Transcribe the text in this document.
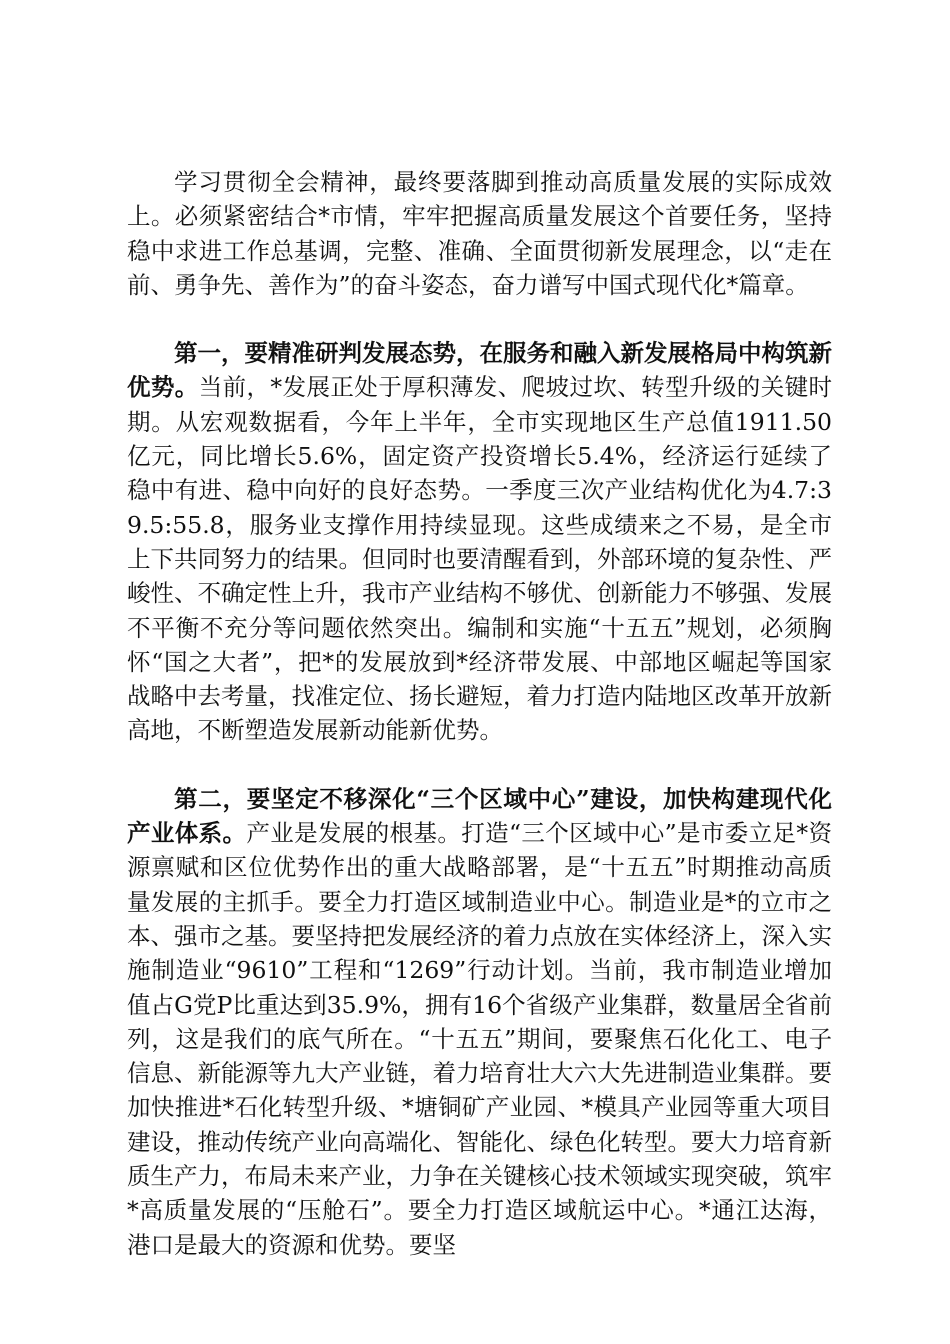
学习贯彻全会精神，最终要落脚到推动高质量发展的实际成效上。必须紧密结合*市情，牢牢把握高质量发展这个首要任务，坚持稳中求进工作总基调，完整、准确、全面贯彻新发展理念，以“走在前、勇争先、善作为”的奋斗姿态，奋力谱写中国式现代化*篇章。

第一，要精准研判发展态势，在服务和融入新发展格局中构筑新优势。当前，*发展正处于厚积薄发、爬坡过坎、转型升级的关键时期。从宏观数据看，今年上半年，全市实现地区生产总值1911.50亿元，同比增长5.6%，固定资产投资增长5.4%，经济运行延续了稳中有进、稳中向好的良好态势。一季度三次产业结构优化为4.7:39.5:55.8，服务业支撑作用持续显现。这些成绩来之不易，是全市上下共同努力的结果。但同时也要清醒看到，外部环境的复杂性、严峻性、不确定性上升，我市产业结构不够优、创新能力不够强、发展不平衡不充分等问题依然突出。编制和实施“十五五”规划，必须胸怀“国之大者”，把*的发展放到*经济带发展、中部地区崛起等国家战略中去考量，找准定位、扬长避短，着力打造内陆地区改革开放新高地，不断塑造发展新动能新优势。

第二，要坚定不移深化“三个区域中心”建设，加快构建现代化产业体系。产业是发展的根基。打造“三个区域中心”是市委立足*资源禀赋和区位优势作出的重大战略部署，是“十五五”时期推动高质量发展的主抓手。要全力打造区域制造业中心。制造业是*的立市之本、强市之基。要坚持把发展经济的着力点放在实体经济上，深入实施制造业“9610”工程和“1269”行动计划。当前，我市制造业增加值占G党P比重达到35.9%，拥有16个省级产业集群，数量居全省前列，这是我们的底气所在。“十五五”期间，要聚焦石化化工、电子信息、新能源等九大产业链，着力培育壮大六大先进制造业集群。要加快推进*石化转型升级、*塘铜矿产业园、*模具产业园等重大项目建设，推动传统产业向高端化、智能化、绿色化转型。要大力培育新质生产力，布局未来产业，力争在关键核心技术领域实现突破，筑牢*高质量发展的“压舱石”。要全力打造区域航运中心。*通江达海，港口是最大的资源和优势。要坚
